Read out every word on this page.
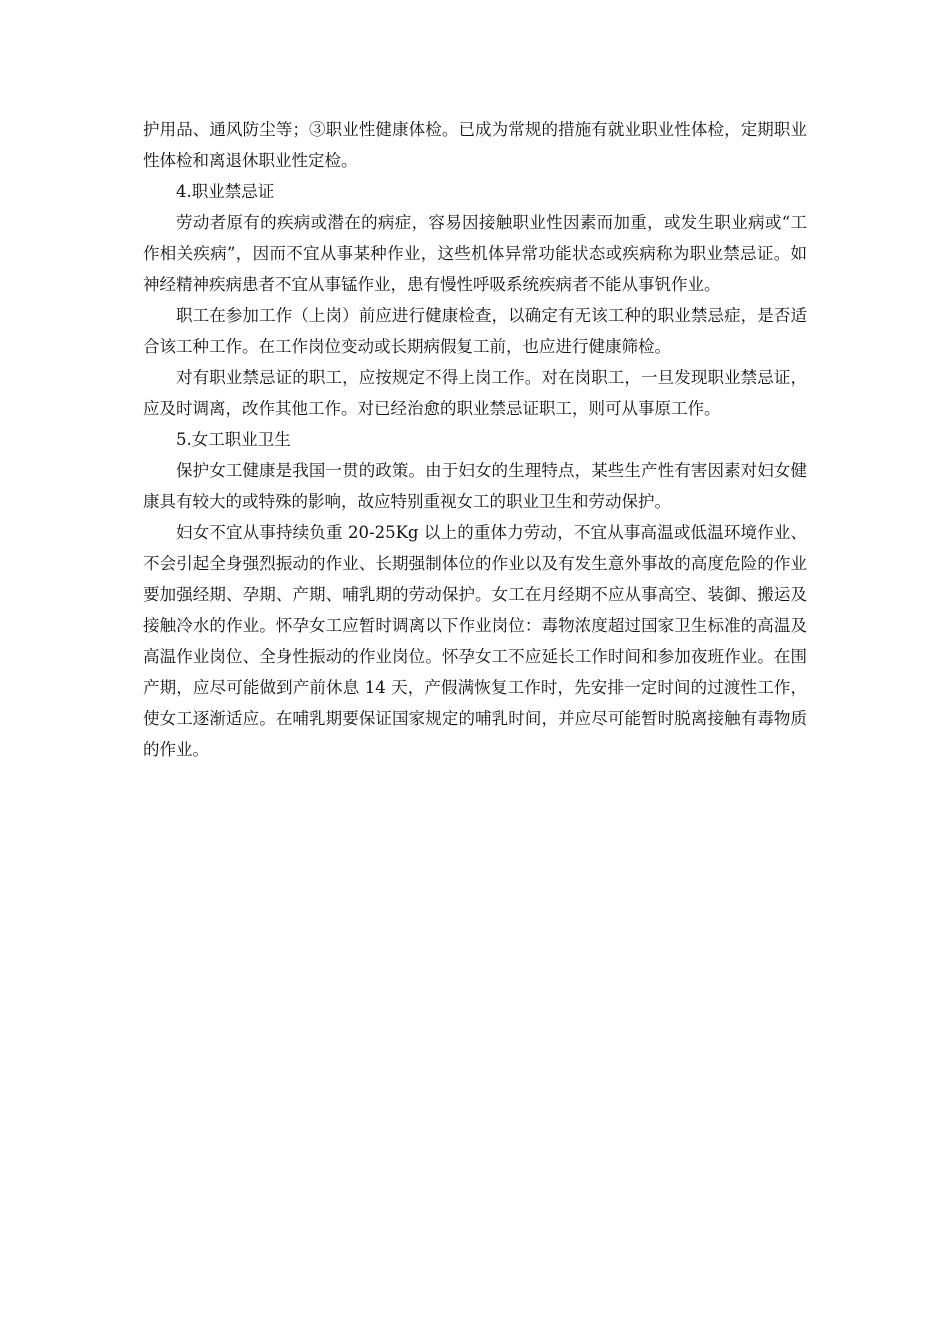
护用品、通风防尘等；③职业性健康体检。已成为常规的措施有就业职业性体检，定期职业性体检和离退休职业性定检。

4.职业禁忌证

劳动者原有的疾病或潜在的病症，容易因接触职业性因素而加重，或发生职业病或“工作相关疾病”，因而不宜从事某种作业，这些机体异常功能状态或疾病称为职业禁忌证。如神经精神疾病患者不宜从事锰作业，患有慢性呼吸系统疾病者不能从事钒作业。

职工在参加工作（上岗）前应进行健康检查，以确定有无该工种的职业禁忌症，是否适合该工种工作。在工作岗位变动或长期病假复工前，也应进行健康筛检。

对有职业禁忌证的职工，应按规定不得上岗工作。对在岗职工，一旦发现职业禁忌证，应及时调离，改作其他工作。对已经治愈的职业禁忌证职工，则可从事原工作。

5.女工职业卫生

保护女工健康是我国一贯的政策。由于妇女的生理特点，某些生产性有害因素对妇女健康具有较大的或特殊的影响，故应特别重视女工的职业卫生和劳动保护。

妇女不宜从事持续负重 20-25Kg 以上的重体力劳动，不宜从事高温或低温环境作业、不会引起全身强烈振动的作业、长期强制体位的作业以及有发生意外事故的高度危险的作业要加强经期、孕期、产期、哺乳期的劳动保护。女工在月经期不应从事高空、装御、搬运及接触冷水的作业。怀孕女工应暂时调离以下作业岗位：毒物浓度超过国家卫生标准的高温及高温作业岗位、全身性振动的作业岗位。怀孕女工不应延长工作时间和参加夜班作业。在围产期，应尽可能做到产前休息 14 天，产假满恢复工作时，先安排一定时间的过渡性工作，使女工逐渐适应。在哺乳期要保证国家规定的哺乳时间，并应尽可能暂时脱离接触有毒物质的作业。
